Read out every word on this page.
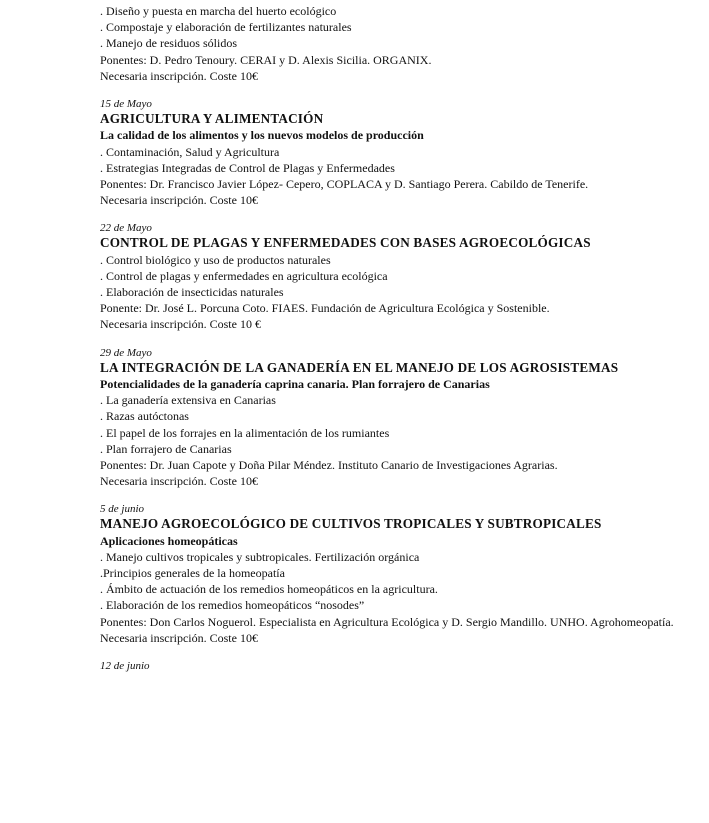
. Diseño y puesta en marcha del huerto ecológico
. Compostaje y elaboración de fertilizantes naturales
. Manejo de residuos sólidos
Ponentes: D. Pedro Tenoury. CERAI y D. Alexis Sicilia. ORGANIX.
Necesaria inscripción. Coste 10€
15 de Mayo
AGRICULTURA Y ALIMENTACIÓN
La calidad de los alimentos y los nuevos modelos de producción
. Contaminación, Salud y Agricultura
. Estrategias Integradas de Control de Plagas y Enfermedades
Ponentes: Dr. Francisco Javier López- Cepero, COPLACA y D. Santiago Perera. Cabildo de Tenerife.
Necesaria inscripción. Coste 10€
22 de Mayo
CONTROL DE PLAGAS Y ENFERMEDADES CON BASES AGROECOLÓGICAS
. Control biológico y uso de productos naturales
. Control de plagas y enfermedades en agricultura ecológica
. Elaboración de insecticidas naturales
Ponente: Dr. José L. Porcuna Coto. FIAES. Fundación de Agricultura Ecológica y Sostenible.
Necesaria inscripción. Coste 10 €
29 de Mayo
LA INTEGRACIÓN DE LA GANADERÍA EN EL MANEJO DE LOS AGROSISTEMAS
Potencialidades de la ganadería caprina canaria. Plan forrajero de Canarias
. La ganadería extensiva en Canarias
. Razas autóctonas
. El papel de los forrajes en la alimentación de los rumiantes
. Plan forrajero de Canarias
Ponentes: Dr. Juan Capote y Doña Pilar Méndez. Instituto Canario de Investigaciones Agrarias.
Necesaria inscripción. Coste 10€
5 de junio
MANEJO AGROECOLÓGICO DE CULTIVOS TROPICALES Y SUBTROPICALES
Aplicaciones homeopáticas
. Manejo cultivos tropicales y subtropicales. Fertilización orgánica
.Principios generales de la homeopatía
. Ámbito de actuación de los remedios homeopáticos en la agricultura.
. Elaboración de los remedios homeopáticos “nosodes”
Ponentes: Don Carlos Noguerol. Especialista en Agricultura Ecológica y D. Sergio Mandillo. UNHO. Agrohomeopatía.
Necesaria inscripción. Coste 10€
12 de junio
